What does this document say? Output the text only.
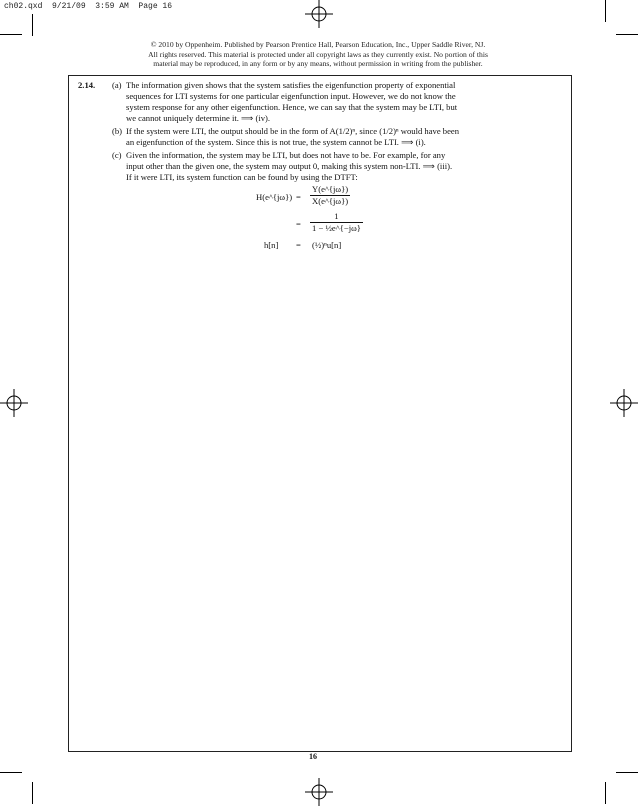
ch02.qxd  9/21/09  3:59 AM  Page 16
© 2010 by Oppenheim. Published by Pearson Prentice Hall, Pearson Education, Inc., Upper Saddle River, NJ.
All rights reserved. This material is protected under all copyright laws as they currently exist. No portion of this
material may be reproduced, in any form or by any means, without permission in writing from the publisher.
2.14. (a) The information given shows that the system satisfies the eigenfunction property of exponential
sequences for LTI systems for one particular eigenfunction input. However, we do not know the
system response for any other eigenfunction. Hence, we can say that the system may be LTI, but
we cannot uniquely determine it. ⟹ (iv).
(b) If the system were LTI, the output should be in the form of A(1/2)ⁿ, since (1/2)ⁿ would have been
an eigenfunction of the system. Since this is not true, the system cannot be LTI. ⟹ (i).
(c) Given the information, the system may be LTI, but does not have to be. For example, for any
input other than the given one, the system may output 0, making this system non-LTI. ⟹ (iii).
If it were LTI, its system function can be found by using the DTFT:
H(e^{jω}) = $\frac{Y(e\^{}\{j\omega\})}{X(e\^{}\{j\omega\})}$
= $\frac{1}{\text{1 − ½e\textasciicircum{}\{−jω\}}}$
h[n] = (½)ⁿu[n]
16
